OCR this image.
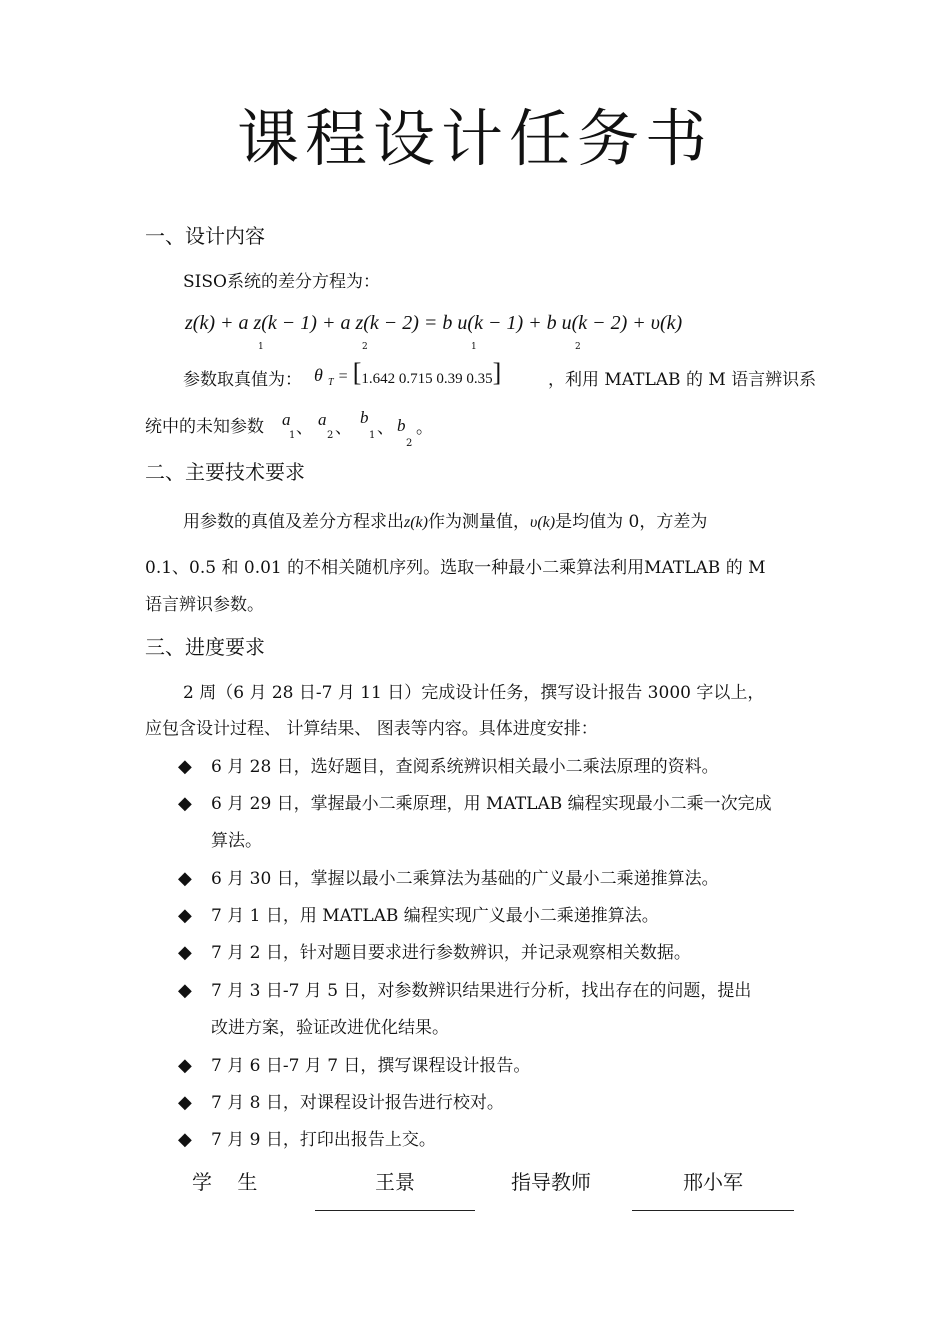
课程设计任务书
一、设计内容
SISO系统的差分方程为：
z(k) + a z(k − 1) + a z(k − 2) = b u(k − 1) + b u(k − 2) + υ(k)
1	2	1	2
参数取真值为： θ $_T$ = [1.642 0.715 0.39 0.35]	，利用 MATLAB 的 M 语言辨识系
统中的未知参数 a
1 、 a
2 、
b
1 、 b
2
。
二、主要技术要求
用参数的真值及差分方程求出z(k)作为测量值，υ(k)是均值为 0，方差为
0.1、0.5 和 0.01 的不相关随机序列。选取一种最小二乘算法利用MATLAB 的 M
语言辨识参数。
三、进度要求
2 周（6 月 28 日-7 月 11 日）完成设计任务，撰写设计报告 3000 字以上，
应包含设计过程、 计算结果、 图表等内容。具体进度安排：
◆ 6 月 28 日，选好题目，查阅系统辨识相关最小二乘法原理的资料。
◆ 6 月 29 日，掌握最小二乘原理，用 MATLAB 编程实现最小二乘一次完成
算法。
◆ 6 月 30 日，掌握以最小二乘算法为基础的广义最小二乘递推算法。
◆ 7 月 1 日，用 MATLAB 编程实现广义最小二乘递推算法。
◆ 7 月 2 日，针对题目要求进行参数辨识，并记录观察相关数据。
◆ 7 月 3 日-7 月 5 日，对参数辨识结果进行分析，找出存在的问题，提出
改进方案，验证改进优化结果。
◆ 7 月 6 日-7 月 7 日，撰写课程设计报告。
◆ 7 月 8 日，对课程设计报告进行校对。
◆ 7 月 9 日，打印出报告上交。
学    生	王景	指导教师	邢小军
